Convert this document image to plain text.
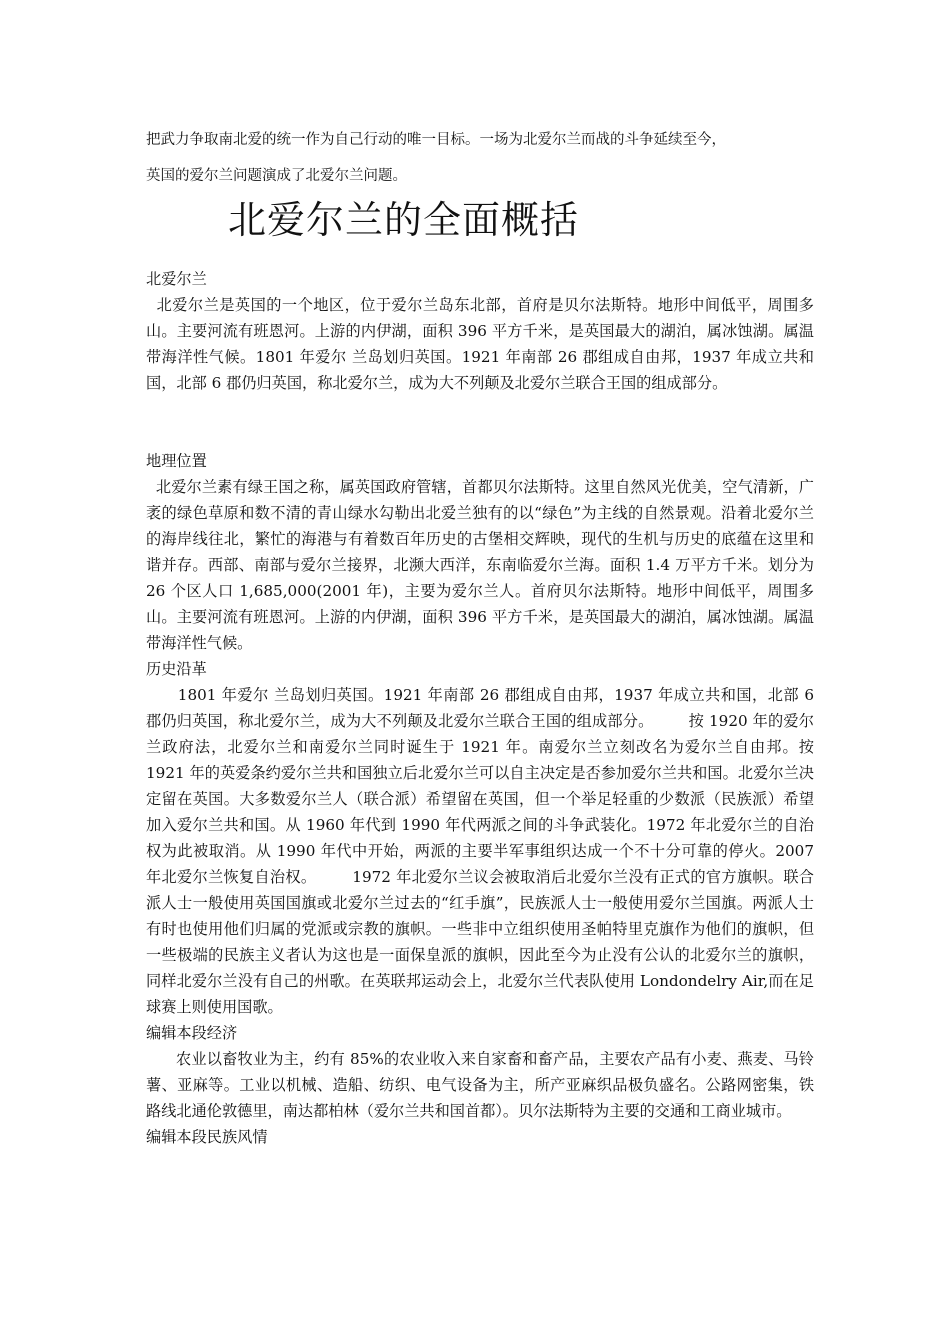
把武力争取南北爱的统一作为自己行动的唯一目标。一场为北爱尔兰而战的斗争延续至今，
英国的爱尔兰问题演成了北爱尔兰问题。
北爱尔兰的全面概括
北爱尔兰

北爱尔兰是英国的一个地区，位于爱尔兰岛东北部，首府是贝尔法斯特。地形中间低平，周围多山。主要河流有班恩河。上游的内伊湖，面积 396 平方千米，是英国最大的湖泊，属冰蚀湖。属温带海洋性气候。1801 年爱尔 兰岛划归英国。1921 年南部 26 郡组成自由邦，1937 年成立共和国，北部 6 郡仍归英国，称北爱尔兰，成为大不列颠及北爱尔兰联合王国的组成部分。

地理位置

北爱尔兰素有绿王国之称，属英国政府管辖，首都贝尔法斯特。这里自然风光优美，空气清新，广袤的绿色草原和数不清的青山绿水勾勒出北爱兰独有的以“绿色”为主线的自然景观。沿着北爱尔兰的海岸线往北，繁忙的海港与有着数百年历史的古堡相交辉映，现代的生机与历史的底蕴在这里和谐并存。西部、南部与爱尔兰接界，北濒大西洋，东南临爱尔兰海。面积 1.4 万平方千米。划分为 26 个区人口 1,685,000(2001 年)，主要为爱尔兰人。首府贝尔法斯特。地形中间低平，周围多山。主要河流有班恩河。上游的内伊湖，面积 396 平方千米，是英国最大的湖泊，属冰蚀湖。属温带海洋性气候。

历史沿革

1801 年爱尔 兰岛划归英国。1921 年南部 26 郡组成自由邦，1937 年成立共和国，北部 6 郡仍归英国，称北爱尔兰，成为大不列颠及北爱尔兰联合王国的组成部分。       按 1920 年的爱尔兰政府法，北爱尔兰和南爱尔兰同时诞生于 1921 年。南爱尔兰立刻改名为爱尔兰自由邦。按 1921 年的英爱条约爱尔兰共和国独立后北爱尔兰可以自主决定是否参加爱尔兰共和国。北爱尔兰决定留在英国。大多数爱尔兰人（联合派）希望留在英国，但一个举足轻重的少数派（民族派）希望加入爱尔兰共和国。从 1960 年代到 1990 年代两派之间的斗争武装化。1972 年北爱尔兰的自治权为此被取消。从 1990 年代中开始，两派的主要半军事组织达成一个不十分可靠的停火。2007 年北爱尔兰恢复自治权。       1972 年北爱尔兰议会被取消后北爱尔兰没有正式的官方旗帜。联合派人士一般使用英国国旗或北爱尔兰过去的“红手旗”，民族派人士一般使用爱尔兰国旗。两派人士有时也使用他们归属的党派或宗教的旗帜。一些非中立组织使用圣帕特里克旗作为他们的旗帜，但一些极端的民族主义者认为这也是一面保皇派的旗帜，因此至今为止没有公认的北爱尔兰的旗帜，同样北爱尔兰没有自己的州歌。在英联邦运动会上，北爱尔兰代表队使用 Londondelry Air,而在足球赛上则使用国歌。

编辑本段经济

农业以畜牧业为主，约有 85%的农业收入来自家畜和畜产品，主要农产品有小麦、燕麦、马铃薯、亚麻等。工业以机械、造船、纺织、电气设备为主，所产亚麻织品极负盛名。公路网密集，铁路线北通伦敦德里，南达都柏林（爱尔兰共和国首都）。贝尔法斯特为主要的交通和工商业城市。

编辑本段民族风情
